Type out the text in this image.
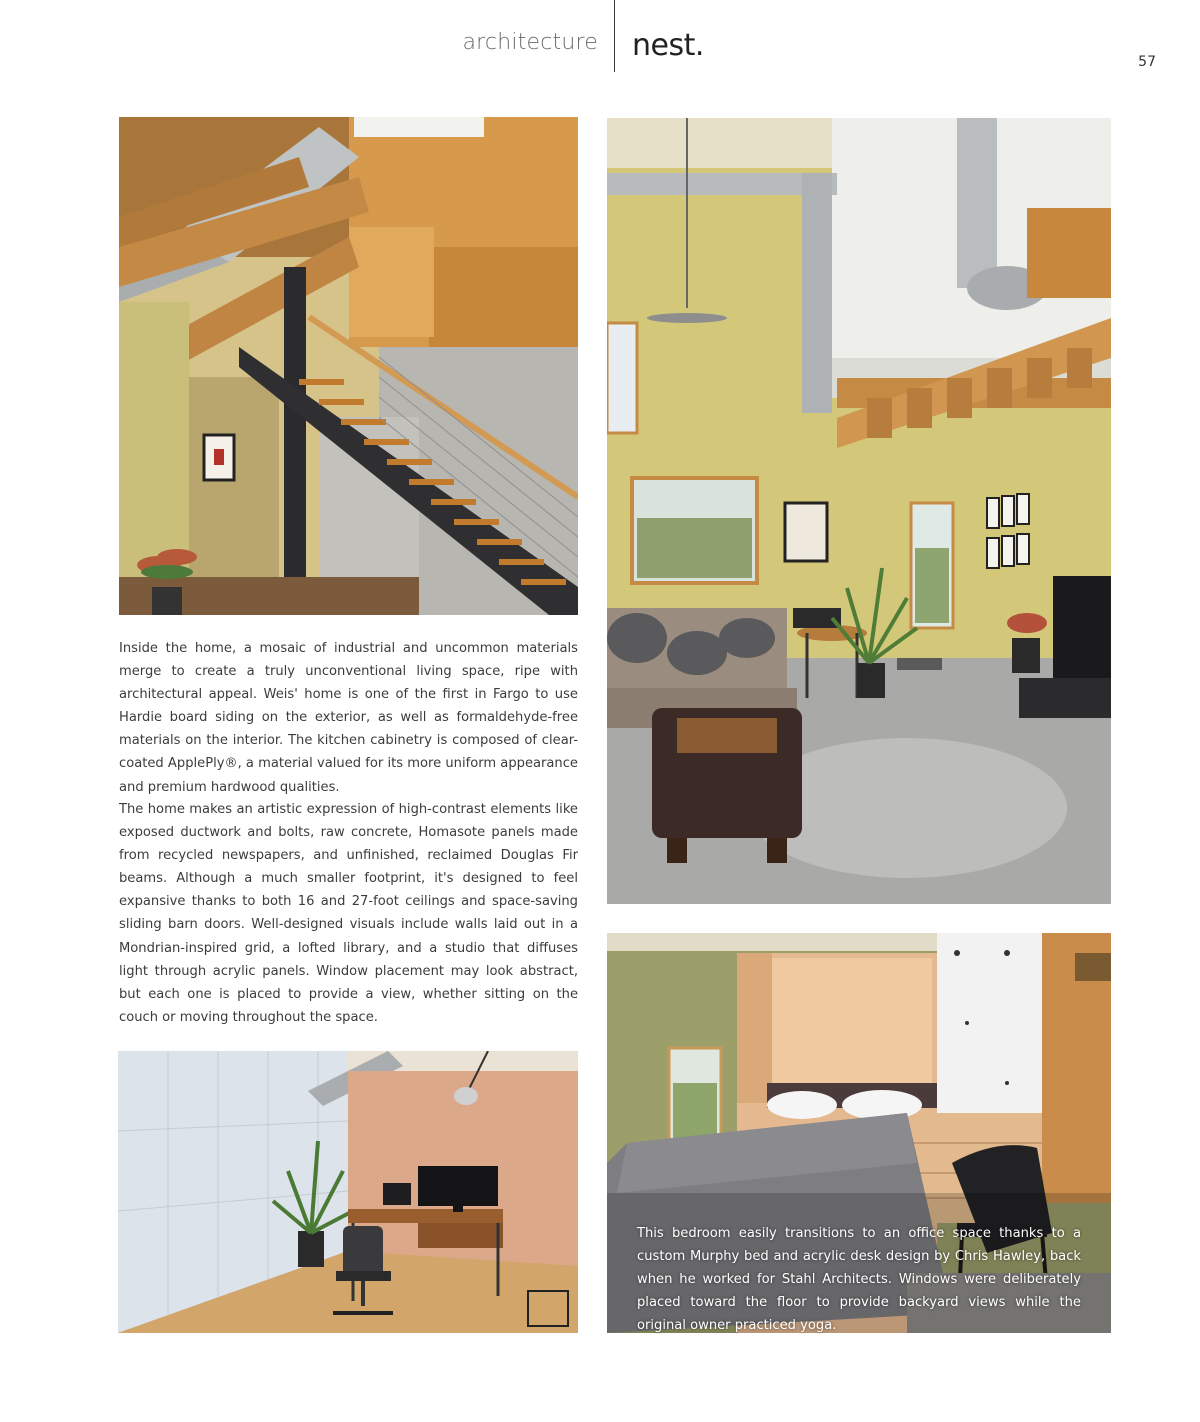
architecture nest.	57

Inside the home, a mosaic of industrial and uncommon materials merge to create a truly unconventional living space, ripe with architectural appeal. Weis' home is one of the first in Fargo to use Hardie board siding on the exterior, as well as formaldehyde-free materials on the interior. The kitchen cabinetry is composed of clear-coated ApplePly®, a material valued for its more uniform appearance and premium hardwood qualities.

The home makes an artistic expression of high-contrast elements like exposed ductwork and bolts, raw concrete, Homasote panels made from recycled newspapers, and unfinished, reclaimed Douglas Fir beams. Although a much smaller footprint, it's designed to feel expansive thanks to both 16 and 27-foot ceilings and space-saving sliding barn doors. Well-designed visuals include walls laid out in a Mondrian-inspired grid, a lofted library, and a studio that diffuses light through acrylic panels. Window placement may look abstract, but each one is placed to provide a view, whether sitting on the couch or moving throughout the space.

This bedroom easily transitions to an office space thanks to a custom Murphy bed and acrylic desk design by Chris Hawley, back when he worked for Stahl Architects. Windows were deliberately placed toward the floor to provide backyard views while the original owner practiced yoga.
